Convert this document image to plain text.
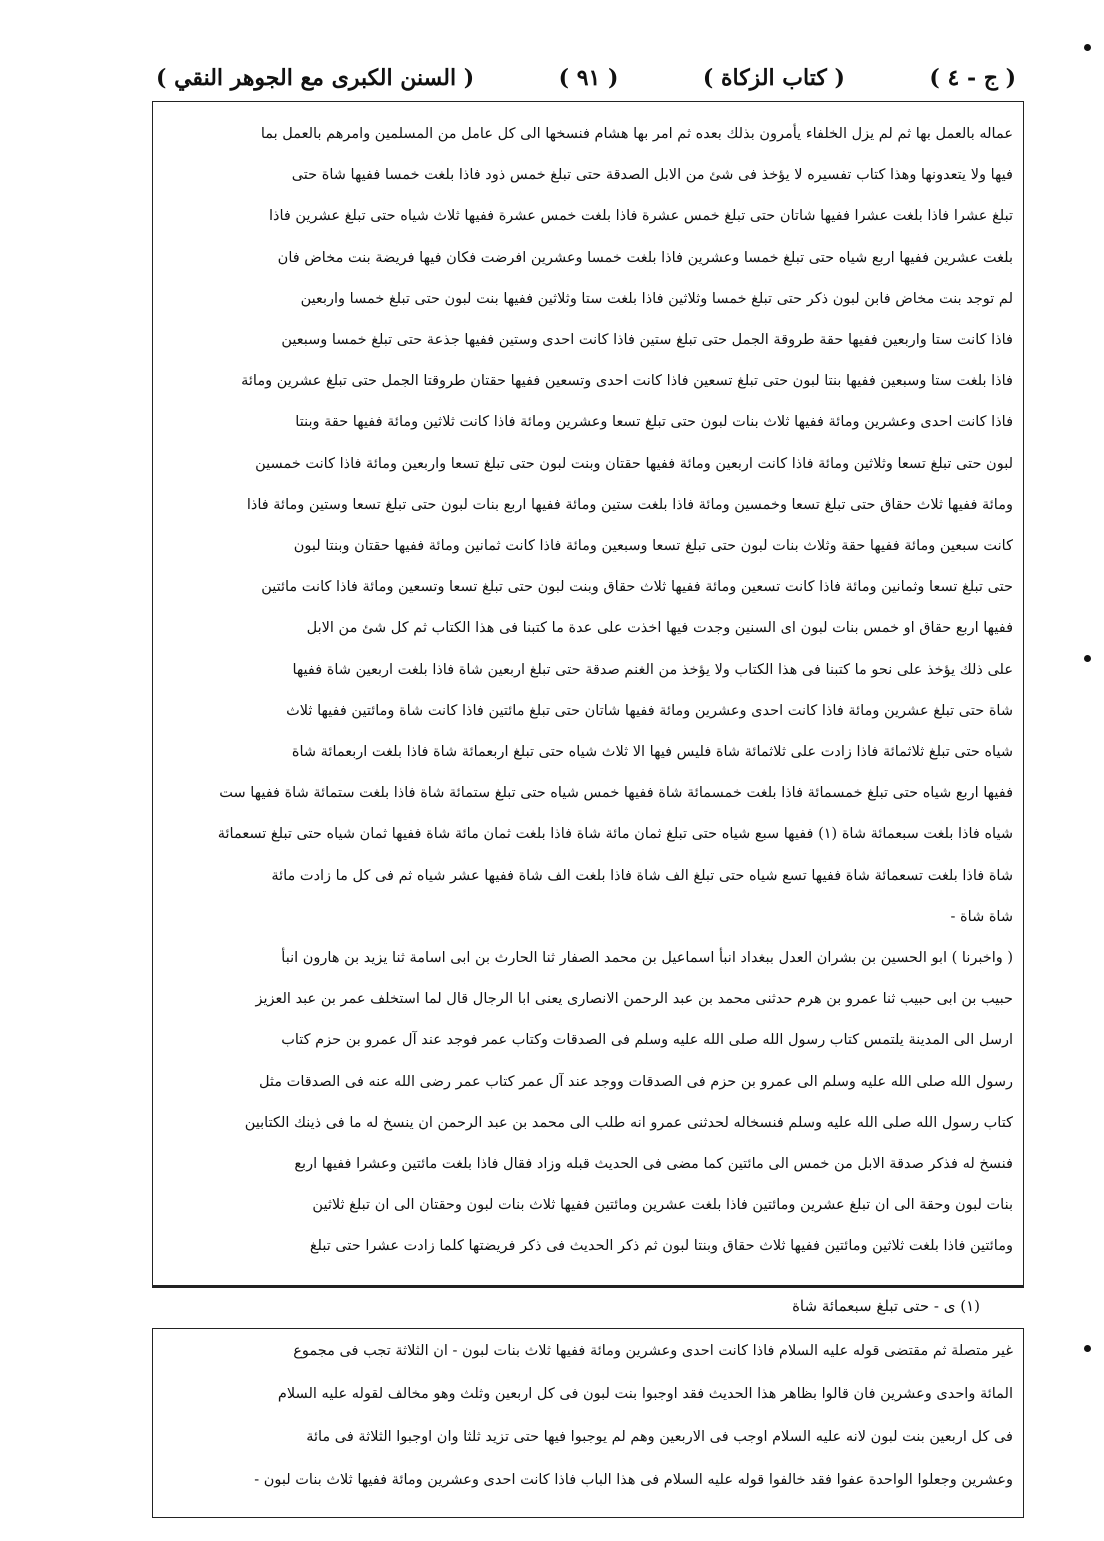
( السنن الكبرى مع الجوهر النقي )	( ٩١ )	( كتاب الزكاة )	( ج - ٤ )
عماله بالعمل بها ثم لم يزل الخلفاء يأمرون بذلك بعده ثم امر بها هشام فنسخها الى كل عامل من المسلمين وامرهم بالعمل بما
فيها ولا يتعدونها وهذا كتاب تفسيره لا يؤخذ فى شئ من الابل الصدقة حتى تبلغ خمس ذود فاذا بلغت خمسا ففيها شاة حتى
تبلغ عشرا فاذا بلغت عشرا ففيها شاتان حتى تبلغ خمس عشرة فاذا بلغت خمس عشرة ففيها ثلاث شياه حتى تبلغ عشرين فاذا
بلغت عشرين ففيها اربع شياه حتى تبلغ خمسا وعشرين فاذا بلغت خمسا وعشرين افرضت فكان فيها فريضة بنت مخاض فان
لم توجد بنت مخاض فابن لبون ذكر حتى تبلغ خمسا وثلاثين فاذا بلغت ستا وثلاثين ففيها بنت لبون حتى تبلغ خمسا واربعين
فاذا كانت ستا واربعين ففيها حقة طروقة الجمل حتى تبلغ ستين فاذا كانت احدى وستين ففيها جذعة حتى تبلغ خمسا وسبعين
فاذا بلغت ستا وسبعين ففيها بنتا لبون حتى تبلغ تسعين فاذا كانت احدى وتسعين ففيها حقتان طروقتا الجمل حتى تبلغ عشرين ومائة
فاذا كانت احدى وعشرين ومائة ففيها ثلاث بنات لبون حتى تبلغ تسعا وعشرين ومائة فاذا كانت ثلاثين ومائة ففيها حقة وبنتا
لبون حتى تبلغ تسعا وثلاثين ومائة فاذا كانت اربعين ومائة ففيها حقتان وبنت لبون حتى تبلغ تسعا واربعين ومائة فاذا كانت خمسين
ومائة ففيها ثلاث حقاق حتى تبلغ تسعا وخمسين ومائة فاذا بلغت ستين ومائة ففيها اربع بنات لبون حتى تبلغ تسعا وستين ومائة فاذا
كانت سبعين ومائة ففيها حقة وثلاث بنات لبون حتى تبلغ تسعا وسبعين ومائة فاذا كانت ثمانين ومائة ففيها حقتان وبنتا لبون
حتى تبلغ تسعا وثمانين ومائة فاذا كانت تسعين ومائة ففيها ثلاث حقاق وبنت لبون حتى تبلغ تسعا وتسعين ومائة فاذا كانت مائتين
ففيها اربع حقاق او خمس بنات لبون اى السنين وجدت فيها اخذت على عدة ما كتبنا فى هذا الكتاب ثم كل شئ من الابل
على ذلك يؤخذ على نحو ما كتبنا فى هذا الكتاب ولا يؤخذ من الغنم صدقة حتى تبلغ اربعين شاة فاذا بلغت اربعين شاة ففيها
شاة حتى تبلغ عشرين ومائة فاذا كانت احدى وعشرين ومائة ففيها شاتان حتى تبلغ مائتين فاذا كانت شاة ومائتين ففيها ثلاث
شياه حتى تبلغ ثلاثمائة فاذا زادت على ثلاثمائة شاة فليس فيها الا ثلاث شياه حتى تبلغ اربعمائة شاة فاذا بلغت اربعمائة شاة
ففيها اربع شياه حتى تبلغ خمسمائة فاذا بلغت خمسمائة شاة ففيها خمس شياه حتى تبلغ ستمائة شاة فاذا بلغت ستمائة شاة ففيها ست
شياه فاذا بلغت سبعمائة شاة (١) ففيها سبع شياه حتى تبلغ ثمان مائة شاة فاذا بلغت ثمان مائة شاة ففيها ثمان شياه حتى تبلغ تسعمائة
شاة فاذا بلغت تسعمائة شاة ففيها تسع شياه حتى تبلغ الف شاة فاذا بلغت الف شاة ففيها عشر شياه ثم فى كل ما زادت مائة
شاة شاة -
( واخبرنا ) ابو الحسين بن بشران العدل ببغداد انبأ اسماعيل بن محمد الصفار ثنا الحارث بن ابى اسامة ثنا يزيد بن هارون انبأ
حبيب بن ابى حبيب ثنا عمرو بن هرم حدثنى محمد بن عبد الرحمن الانصارى يعنى ابا الرجال قال لما استخلف عمر بن عبد العزيز
ارسل الى المدينة يلتمس كتاب رسول الله صلى الله عليه وسلم فى الصدقات وكتاب عمر فوجد عند آل عمرو بن حزم كتاب
رسول الله صلى الله عليه وسلم الى عمرو بن حزم فى الصدقات ووجد عند آل عمر كتاب عمر رضى الله عنه فى الصدقات مثل
كتاب رسول الله صلى الله عليه وسلم فنسخاله لحدثنى عمرو انه طلب الى محمد بن عبد الرحمن ان ينسخ له ما فى ذينك الكتابين
فنسخ له فذكر صدقة الابل من خمس الى مائتين كما مضى فى الحديث قبله وزاد فقال فاذا بلغت مائتين وعشرا ففيها اربع
بنات لبون وحقة الى ان تبلغ عشرين ومائتين فاذا بلغت عشرين ومائتين ففيها ثلاث بنات لبون وحقتان الى ان تبلغ ثلاثين
ومائتين فاذا بلغت ثلاثين ومائتين ففيها ثلاث حقاق وبنتا لبون ثم ذكر الحديث فى ذكر فريضتها كلما زادت عشرا حتى تبلغ
(١) ى - حتى تبلغ سبعمائة شاة
غير متصلة ثم مقتضى قوله عليه السلام فاذا كانت احدى وعشرين ومائة ففيها ثلاث بنات لبون - ان الثلاثة تجب فى مجموع
المائة واحدى وعشرين فان قالوا بظاهر هذا الحديث فقد اوجبوا بنت لبون فى كل اربعين وثلث وهو مخالف لقوله عليه السلام
فى كل اربعين بنت لبون لانه عليه السلام اوجب فى الاربعين وهم لم يوجبوا فيها حتى تزيد ثلثا وان اوجبوا الثلاثة فى مائة
وعشرين وجعلوا الواحدة عفوا فقد خالفوا قوله عليه السلام فى هذا الباب فاذا كانت احدى وعشرين ومائة ففيها ثلاث بنات لبون -
